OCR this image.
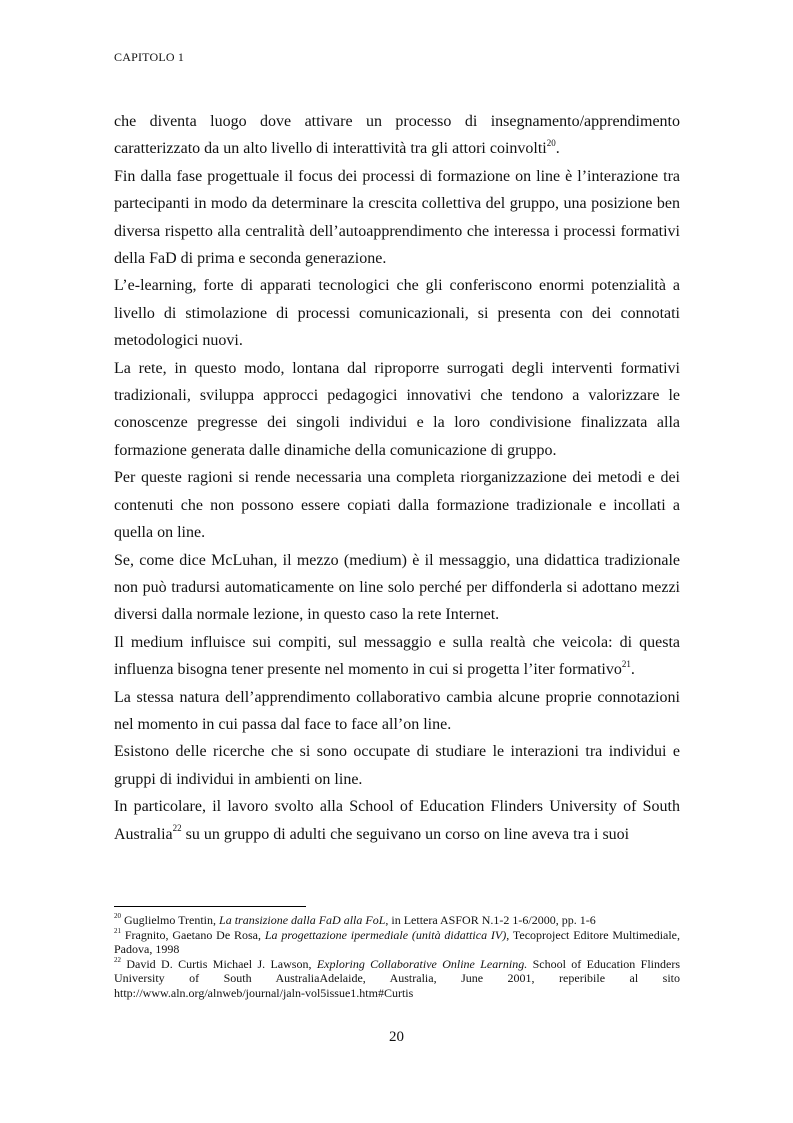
CAPITOLO 1

che diventa luogo dove attivare un processo di insegnamento/apprendimento caratterizzato da un alto livello di interattività tra gli attori coinvolti$^{20}$.

Fin dalla fase progettuale il focus dei processi di formazione on line è l’interazione tra partecipanti in modo da determinare la crescita collettiva del gruppo, una posizione ben diversa rispetto alla centralità dell’autoapprendimento che interessa i processi formativi della FaD di prima e seconda generazione.

L’e-learning, forte di apparati tecnologici che gli conferiscono enormi potenzialità a livello di stimolazione di processi comunicazionali, si presenta con dei connotati metodologici nuovi.

La rete, in questo modo, lontana dal riproporre surrogati degli interventi formativi tradizionali, sviluppa approcci pedagogici innovativi che tendono a valorizzare le conoscenze pregresse dei singoli individui e la loro condivisione finalizzata alla formazione generata dalle dinamiche della comunicazione di gruppo.

Per queste ragioni si rende necessaria una completa riorganizzazione dei metodi e dei contenuti che non possono essere copiati dalla formazione tradizionale e incollati a quella on line.

Se, come dice McLuhan, il mezzo (medium) è il messaggio, una didattica tradizionale non può tradursi automaticamente on line solo perché per diffonderla si adottano mezzi diversi dalla normale lezione, in questo caso la rete Internet.

Il medium influisce sui compiti, sul messaggio e sulla realtà che veicola: di questa influenza bisogna tener presente nel momento in cui si progetta l’iter formativo$^{21}$.

La stessa natura dell’apprendimento collaborativo cambia alcune proprie connotazioni nel momento in cui passa dal face to face all’on line.

Esistono delle ricerche che si sono occupate di studiare le interazioni tra individui e gruppi di individui in ambienti on line.

In particolare, il lavoro svolto alla School of Education Flinders University of South Australia$^{22}$ su un gruppo di adulti che seguivano un corso on line aveva tra i suoi

$^{20}$ Guglielmo Trentin, La transizione dalla FaD alla FoL, in Lettera ASFOR N.1-2 1-6/2000, pp. 1-6

$^{21}$ Fragnito, Gaetano De Rosa, La progettazione ipermediale (unità didattica IV), Tecoproject Editore Multimediale, Padova, 1998

$^{22}$ David D. Curtis Michael J. Lawson, Exploring Collaborative Online Learning. School of Education Flinders University of South AustraliaAdelaide, Australia, June 2001, reperibile al sito http://www.aln.org/alnweb/journal/jaln-vol5issue1.htm#Curtis

20
